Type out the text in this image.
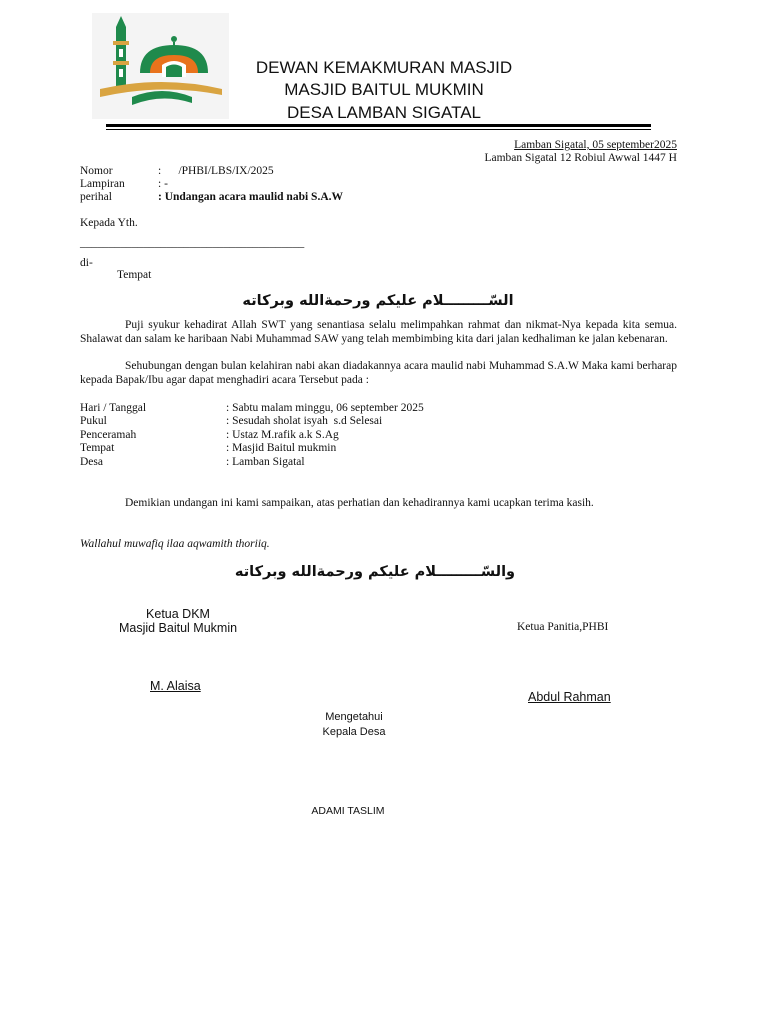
DEWAN KEMAKMURAN MASJID
MASJID BAITUL MUKMIN
DESA LAMBAN SIGATAL
Lamban Sigatal, 05 september2025
Lamban Sigatal 12 Robiul Awwal 1447 H
Nomor	:      /PHBI/LBS/IX/2025
Lampiran	: -
perihal	: Undangan acara maulid nabi S.A.W
Kepada Yth.
_______________________________________
di-
Tempat
السّـــــــــلام عليكم ورحمةالله وبركاته
Puji syukur kehadirat Allah SWT yang senantiasa selalu melimpahkan rahmat dan nikmat-Nya kepada kita semua. Shalawat dan salam ke haribaan Nabi Muhammad SAW yang telah membimbing kita dari jalan kedhaliman ke jalan kebenaran.
Sehubungan dengan bulan kelahiran nabi akan diadakannya acara maulid nabi Muhammad S.A.W Maka kami berharap kepada Bapak/Ibu agar dapat menghadiri acara Tersebut pada :
Hari / Tanggal	: Sabtu malam minggu, 06 september 2025
Pukul	: Sesudah sholat isyah  s.d Selesai
Penceramah	: Ustaz M.rafik a.k S.Ag
Tempat	: Masjid Baitul mukmin
Desa	: Lamban Sigatal
Demikian undangan ini kami sampaikan, atas perhatian dan kehadirannya kami ucapkan terima kasih.
Wallahul muwafiq ilaa aqwamith thoriiq.
والسّـــــــــلام عليكم ورحمةالله وبركاته
Ketua DKM
Masjid Baitul Mukmin
M. Alaisa
Ketua Panitia,PHBI
Abdul Rahman
Mengetahui
Kepala Desa
ADAMI TASLIM
